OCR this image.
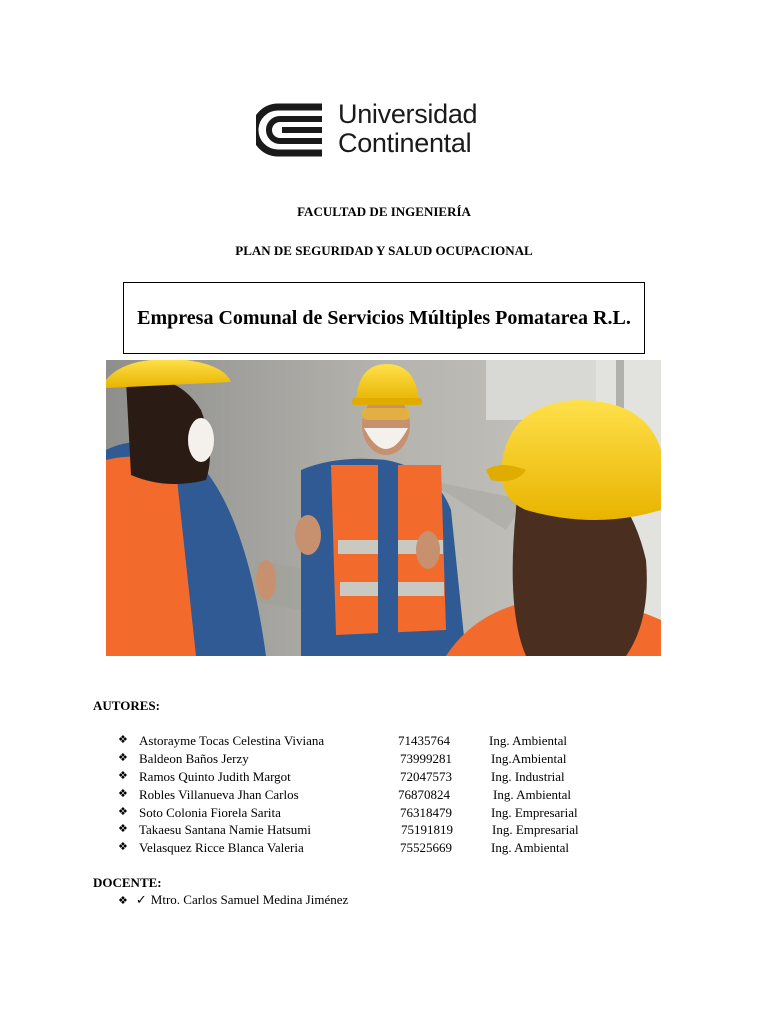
Universidad
Continental
FACULTAD DE INGENIERÍA
PLAN DE SEGURIDAD Y SALUD OCUPACIONAL
Empresa Comunal de Servicios Múltiples Pomatarea R.L.
AUTORES:
❖ Astorayme Tocas Celestina Viviana	71435764	Ing. Ambiental
❖ Baldeon Baños Jerzy	73999281	Ing.Ambiental
❖ Ramos Quinto Judith Margot	72047573	Ing. Industrial
❖ Robles Villanueva Jhan Carlos	76870824	Ing. Ambiental
❖ Soto Colonia Fiorela Sarita	76318479	Ing. Empresarial
❖ Takaesu Santana Namie Hatsumi	75191819	Ing. Empresarial
❖ Velasquez Ricce Blanca Valeria	75525669	Ing. Ambiental
DOCENTE:
❖ ✓ Mtro. Carlos Samuel Medina Jiménez
